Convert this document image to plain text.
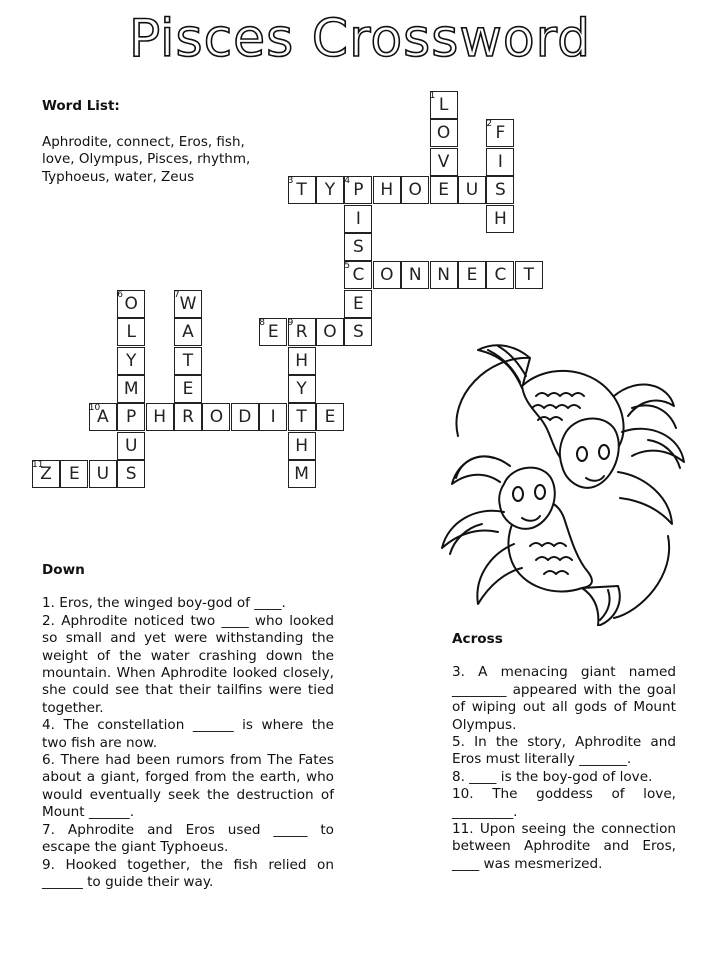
Pisces Crossword
Word List:
Aphrodite, connect, Eros, fish, love, Olympus, Pisces, rhythm, Typhoeus, water, Zeus
L
1
O
V
E
F
2
I
S
H
T
3 Y P
4 H O	U
I
S
C
5 O N N E C T
E
S
O
6
L
Y
M
P
U
S
W
7
A
T
E
R
E
8 R
9 O
H
Y
T
H
M
A
10	H	O D I	E
Z
11 E U
Down

1. Eros, the winged boy-god of ____.

2. Aphrodite noticed two ____ who looked so small and yet were withstanding the weight of the water crashing down the mountain. When Aphrodite looked closely, she could see that their tailfins were tied together.

4. The constellation ______ is where the two fish are now.

6. There had been rumors from The Fates about a giant, forged from the earth, who would eventually seek the destruction of Mount ______.

7. Aphrodite and Eros used _____ to escape the giant Typhoeus.

9. Hooked together, the fish relied on ______ to guide their way.

Across

3. A menacing giant named ________ appeared with the goal of wiping out all gods of Mount Olympus.

5. In the story, Aphrodite and Eros must literally _______.

8. ____ is the boy-god of love.

10. The goddess of love, _________.

11. Upon seeing the connection between Aphrodite and Eros, ____ was mesmerized.
